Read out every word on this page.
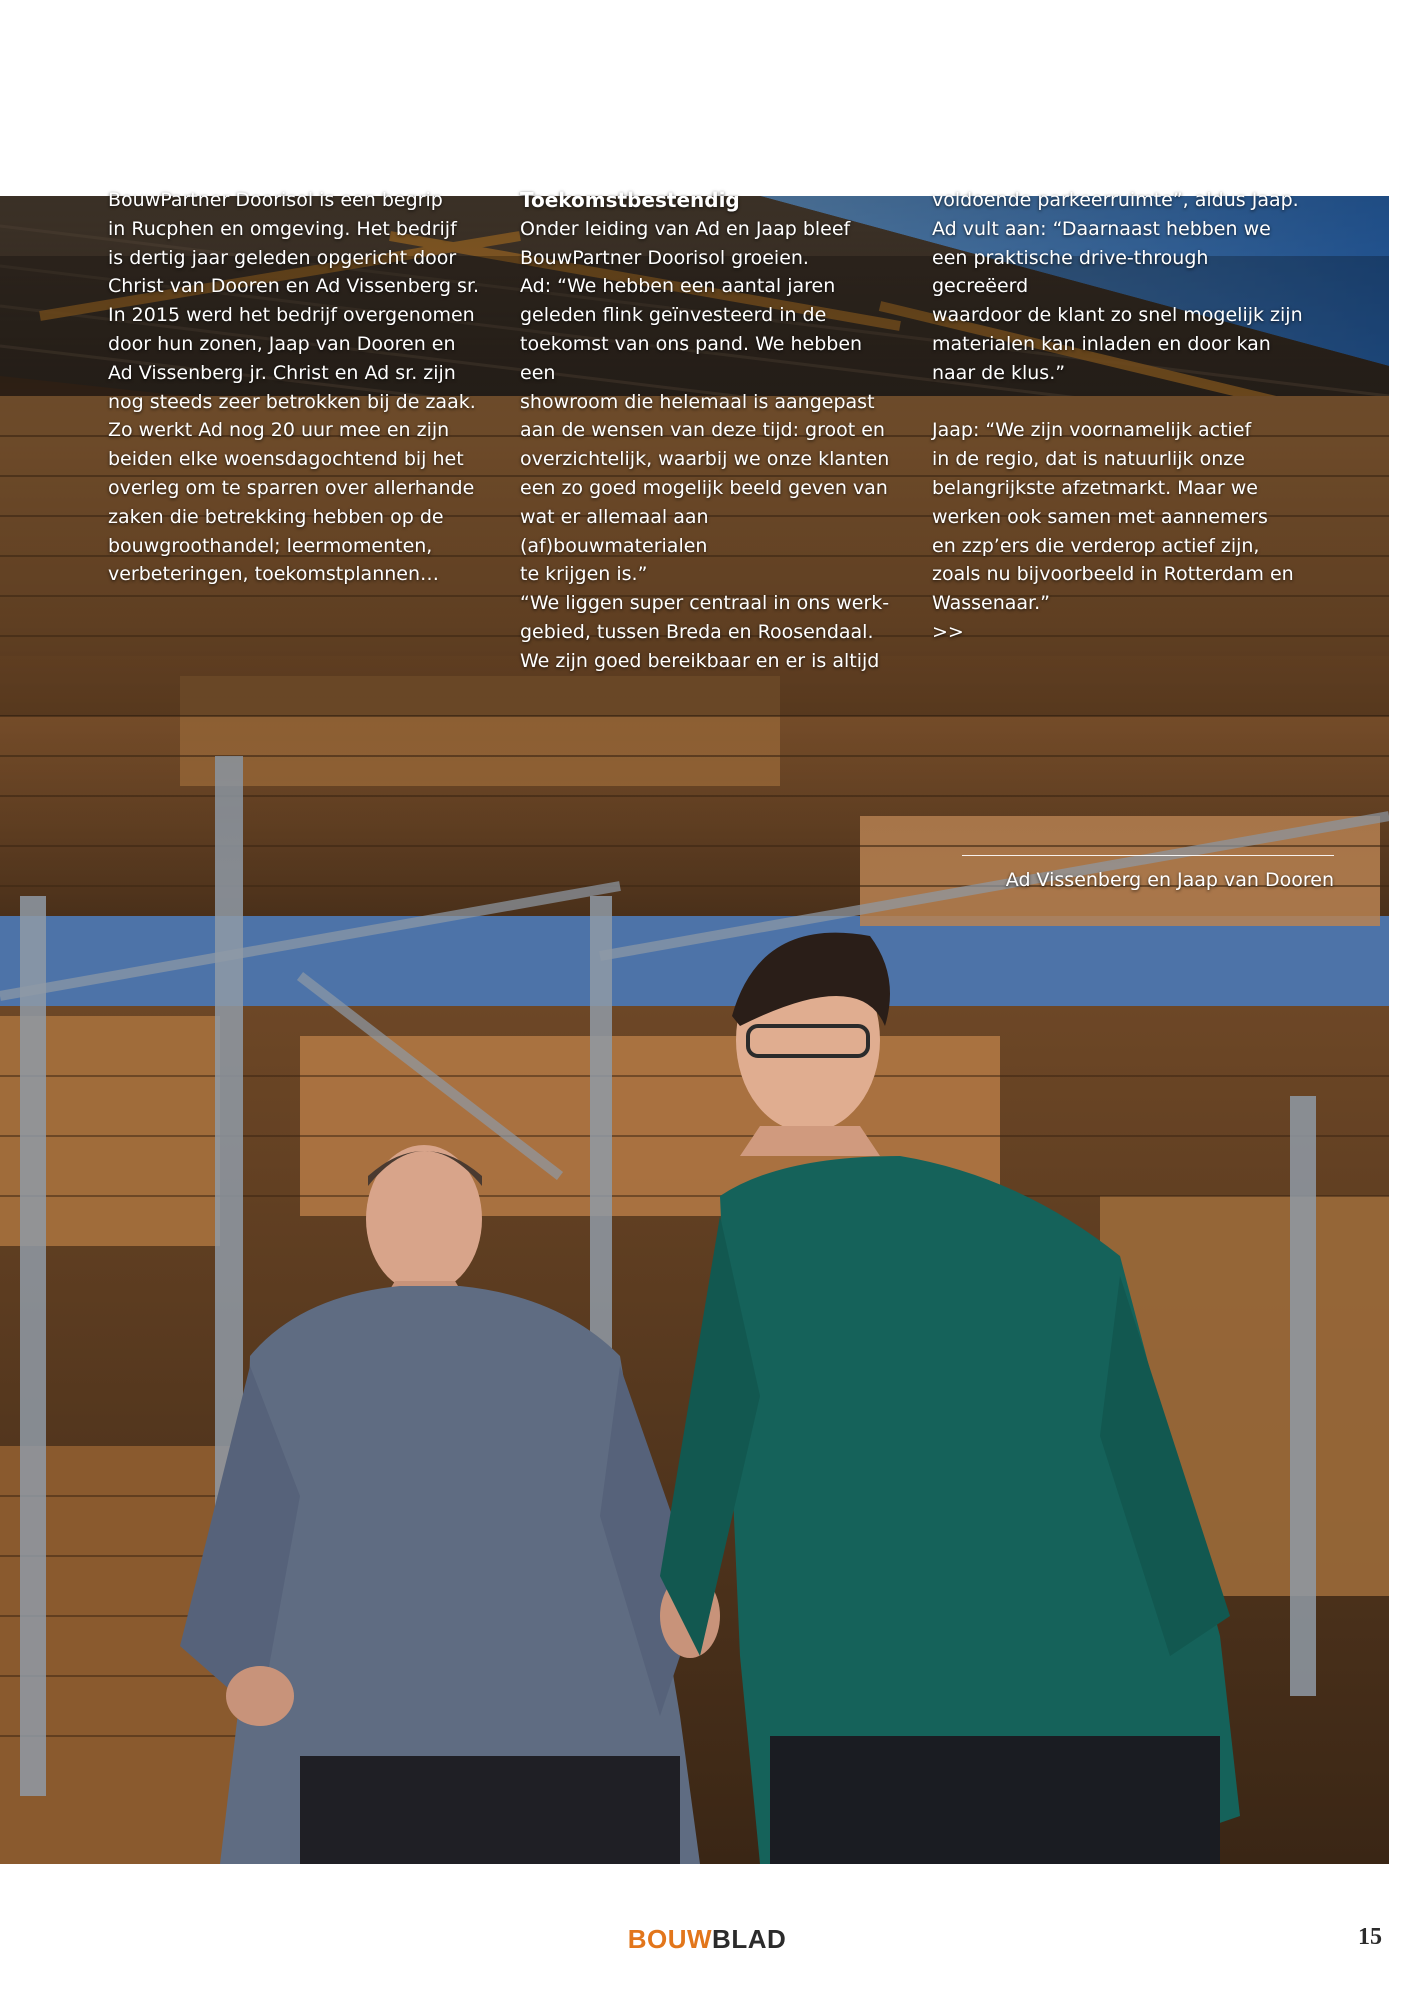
BouwPartner Doorisol is een begrip
in Rucphen en omgeving. Het bedrijf
is dertig jaar geleden opgericht door
Christ van Dooren en Ad Vissenberg sr.
In 2015 werd het bedrijf overgenomen
door hun zonen, Jaap van Dooren en
Ad Vissenberg jr. Christ en Ad sr. zijn
nog steeds zeer betrokken bij de zaak.
Zo werkt Ad nog 20 uur mee en zijn
beiden elke woensdagochtend bij het
overleg om te sparren over allerhande
zaken die betrekking hebben op de
bouwgroothandel; leermomenten,
verbeteringen, toekomstplannen…

Toekomstbestendig

Onder leiding van Ad en Jaap bleef
BouwPartner Doorisol groeien.
Ad: “We hebben een aantal jaren
geleden flink geïnvesteerd in de
toekomst van ons pand. We hebben een
showroom die helemaal is aangepast
aan de wensen van deze tijd: groot en
overzichtelijk, waarbij we onze klanten
een zo goed mogelijk beeld geven van
wat er allemaal aan (af)bouwmaterialen
te krijgen is.”
“We liggen super centraal in ons werk-
gebied, tussen Breda en Roosendaal.
We zijn goed bereikbaar en er is altijd

voldoende parkeerruimte”, aldus Jaap.
Ad vult aan: “Daarnaast hebben we
een praktische drive-through gecreëerd
waardoor de klant zo snel mogelijk zijn
materialen kan inladen en door kan
naar de klus.”

Jaap: “We zijn voornamelijk actief
in de regio, dat is natuurlijk onze
belangrijkste afzetmarkt. Maar we
werken ook samen met aannemers
en zzp’ers die verderop actief zijn,
zoals nu bijvoorbeeld in Rotterdam en
Wassenaar.”

>>
Ad Vissenberg en Jaap van Dooren
BOUWBLAD	15
